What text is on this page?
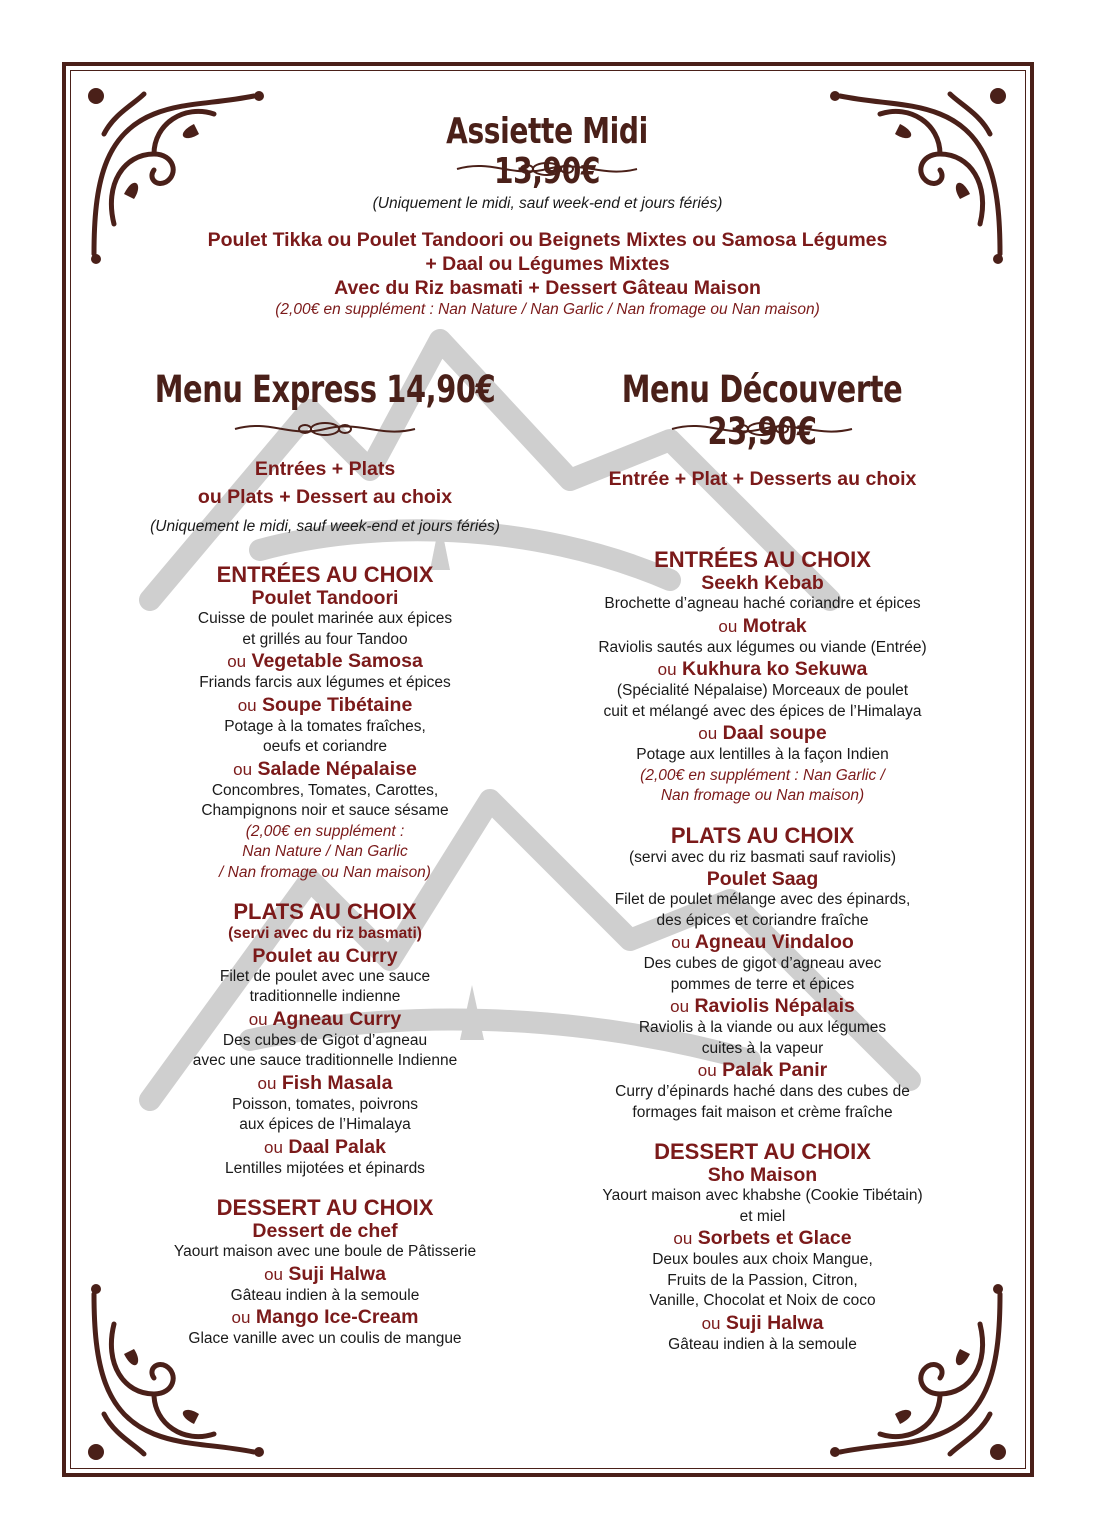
Assiette Midi 13,90€
(Uniquement le midi, sauf week-end et jours fériés)
Poulet Tikka ou Poulet Tandoori ou Beignets Mixtes ou Samosa Légumes
+ Daal ou Légumes Mixtes
Avec du Riz basmati + Dessert Gâteau Maison
(2,00€ en supplément : Nan Nature / Nan Garlic / Nan fromage ou Nan maison)
Menu Express 14,90€
Entrées + Plats
ou Plats + Dessert au choix
(Uniquement le midi, sauf week-end et jours fériés)
ENTRÉES AU CHOIX
Poulet Tandoori
Cuisse de poulet marinée aux épices
et grillés au four Tandoo
ou Vegetable Samosa
Friands farcis aux légumes et épices
ou Soupe Tibétaine
Potage à la tomates fraîches,
oeufs et coriandre
ou Salade Népalaise
Concombres, Tomates, Carottes,
Champignons noir et sauce sésame
(2,00€ en supplément :
Nan Nature / Nan Garlic
/ Nan fromage ou Nan maison)
PLATS AU CHOIX
(servi avec du riz basmati)
Poulet au Curry
Filet de poulet avec une sauce
traditionnelle indienne
ou Agneau Curry
Des cubes de Gigot d’agneau
avec une sauce traditionnelle Indienne
ou Fish Masala
Poisson, tomates, poivrons
aux épices de l’Himalaya
ou Daal Palak
Lentilles mijotées et épinards
DESSERT AU CHOIX
Dessert de chef
Yaourt maison avec une boule de Pâtisserie
ou Suji Halwa
Gâteau indien à la semoule
ou Mango Ice-Cream
Glace vanille avec un coulis de mangue
Menu Découverte 23,90€
Entrée + Plat + Desserts au choix
ENTRÉES AU CHOIX
Seekh Kebab
Brochette d’agneau haché coriandre et épices
ou Motrak
Raviolis sautés aux légumes ou viande (Entrée)
ou Kukhura ko Sekuwa
(Spécialité Népalaise) Morceaux de poulet
cuit et mélangé avec des épices de l’Himalaya
ou Daal soupe
Potage aux lentilles à la façon Indien
(2,00€ en supplément : Nan Garlic /
Nan fromage ou Nan maison)
PLATS AU CHOIX
(servi avec du riz basmati sauf raviolis)
Poulet Saag
Filet de poulet mélange avec des épinards,
des épices et coriandre fraîche
ou Agneau Vindaloo
Des cubes de gigot d’agneau avec
pommes de terre et épices
ou Raviolis Népalais
Raviolis à la viande ou aux légumes
cuites à la vapeur
ou Palak Panir
Curry d’épinards haché dans des cubes de
formages fait maison et crème fraîche
DESSERT AU CHOIX
Sho Maison
Yaourt maison avec khabshe (Cookie Tibétain)
et miel
ou Sorbets et Glace
Deux boules aux choix Mangue,
Fruits de la Passion, Citron,
Vanille, Chocolat et Noix de coco
ou Suji Halwa
Gâteau indien à la semoule
